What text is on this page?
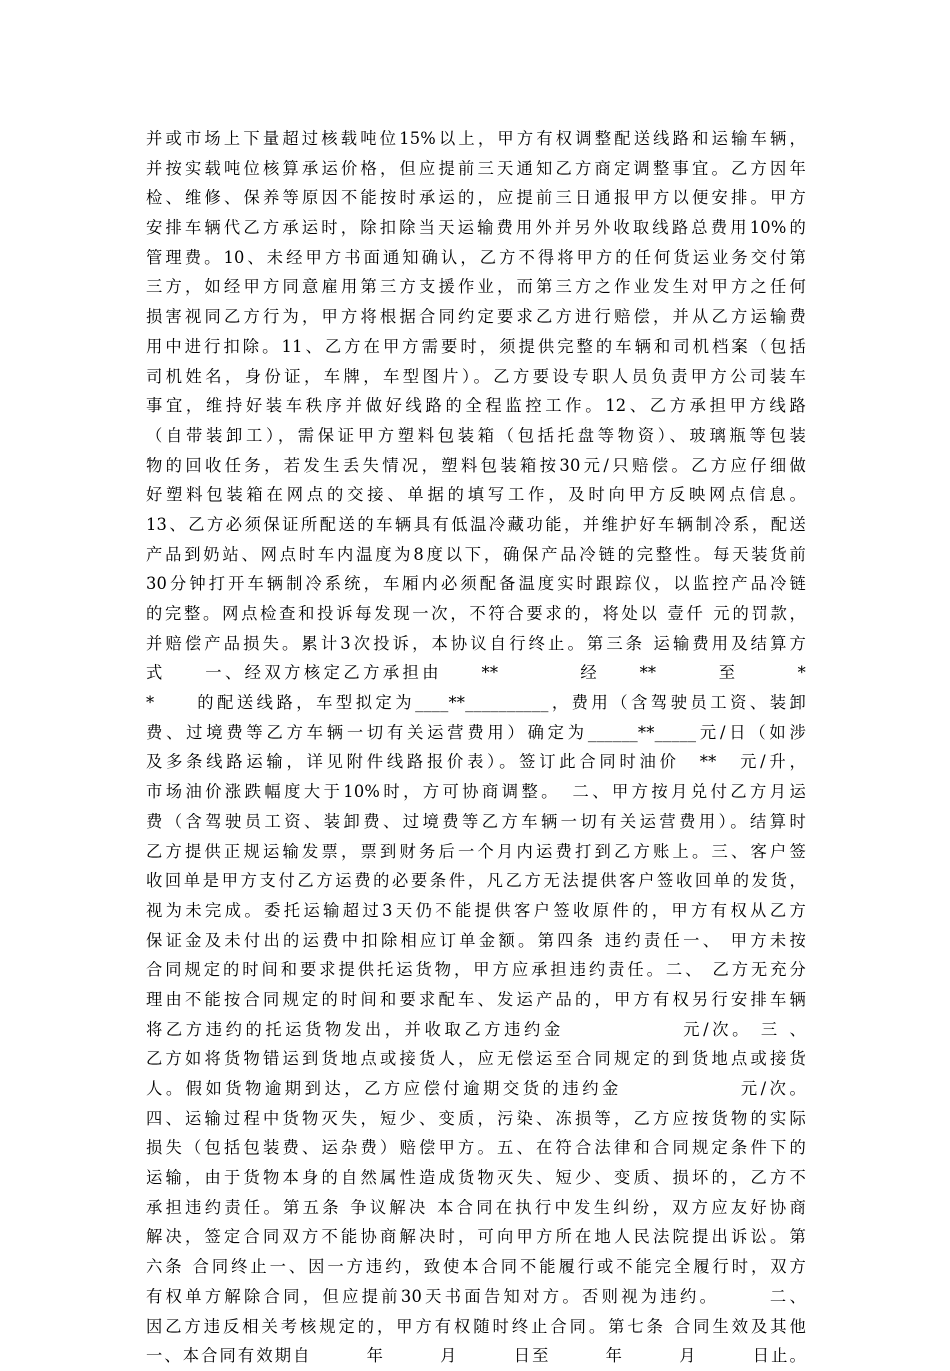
并或市场上下量超过核载吨位15%以上，甲方有权调整配送线路和运输车辆，
并按实载吨位核算承运价格，但应提前三天通知乙方商定调整事宜。乙方因年
检、维修、保养等原因不能按时承运的，应提前三日通报甲方以便安排。甲方
安排车辆代乙方承运时，除扣除当天运输费用外并另外收取线路总费用10%的
管理费。10、未经甲方书面通知确认，乙方不得将甲方的任何货运业务交付第
三方，如经甲方同意雇用第三方支援作业，而第三方之作业发生对甲方之任何
损害视同乙方行为，甲方将根据合同约定要求乙方进行赔偿，并从乙方运输费
用中进行扣除。11、乙方在甲方需要时，须提供完整的车辆和司机档案（包括
司机姓名，身份证，车牌，车型图片）。乙方要设专职人员负责甲方公司装车
事宜，维持好装车秩序并做好线路的全程监控工作。12、乙方承担甲方线路
（自带装卸工），需保证甲方塑料包装箱（包括托盘等物资）、玻璃瓶等包装
物的回收任务，若发生丢失情况，塑料包装箱按30元/只赔偿。乙方应仔细做
好塑料包装箱在网点的交接、单据的填写工作，及时向甲方反映网点信息。
13、乙方必须保证所配送的车辆具有低温冷藏功能，并维护好车辆制冷系，配送
产品到奶站、网点时车内温度为8度以下，确保产品冷链的完整性。每天装货前
30分钟打开车辆制冷系统，车厢内必须配备温度实时跟踪仪，以监控产品冷链
的完整。网点检查和投诉每发现一次，不符合要求的，将处以 壹仟 元的罚款，
并赔偿产品损失。累计3次投诉，本协议自行终止。第三条 运输费用及结算方
式　　一、经双方核定乙方承担由　　**　　　　经　　**　　　至　　　*
*　　的配送线路，车型拟定为____**__________，费用（含驾驶员工资、装卸
费、过境费等乙方车辆一切有关运营费用）确定为______**_____元/日（如涉
及多条线路运输，详见附件线路报价表）。签订此合同时油价　**　元/升，
市场油价涨跌幅度大于10%时，方可协商调整。　二、甲方按月兑付乙方月运
费（含驾驶员工资、装卸费、过境费等乙方车辆一切有关运营费用）。结算时
乙方提供正规运输发票，票到财务后一个月内运费打到乙方账上。三、客户签
收回单是甲方支付乙方运费的必要条件，凡乙方无法提供客户签收回单的发货，
视为未完成。委托运输超过3天仍不能提供客户签收原件的，甲方有权从乙方
保证金及未付出的运费中扣除相应订单金额。第四条 违约责任一、 甲方未按
合同规定的时间和要求提供托运货物，甲方应承担违约责任。二、 乙方无充分
理由不能按合同规定的时间和要求配车、发运产品的，甲方有权另行安排车辆
将乙方违约的托运货物发出，并收取乙方违约金　　　　　　元/次。 三 、
乙方如将货物错运到货地点或接货人，应无偿运至合同规定的到货地点或接货
人。假如货物逾期到达，乙方应偿付逾期交货的违约金　　　　　　元/次。
四、运输过程中货物灭失，短少、变质，污染、冻损等，乙方应按货物的实际
损失（包括包装费、运杂费）赔偿甲方。五、在符合法律和合同规定条件下的
运输，由于货物本身的自然属性造成货物灭失、短少、变质、损坏的，乙方不
承担违约责任。第五条 争议解决 本合同在执行中发生纠纷，双方应友好协商
解决，签定合同双方不能协商解决时，可向甲方所在地人民法院提出诉讼。第
六条 合同终止一、因一方违约，致使本合同不能履行或不能完全履行时，双方
有权单方解除合同，但应提前30天书面告知对方。否则视为违约。　　　二、
因乙方违反相关考核规定的，甲方有权随时终止合同。第七条 合同生效及其他
一、本合同有效期自　　　年　　　月　　　日至　　　年　　　月　　　日止。
